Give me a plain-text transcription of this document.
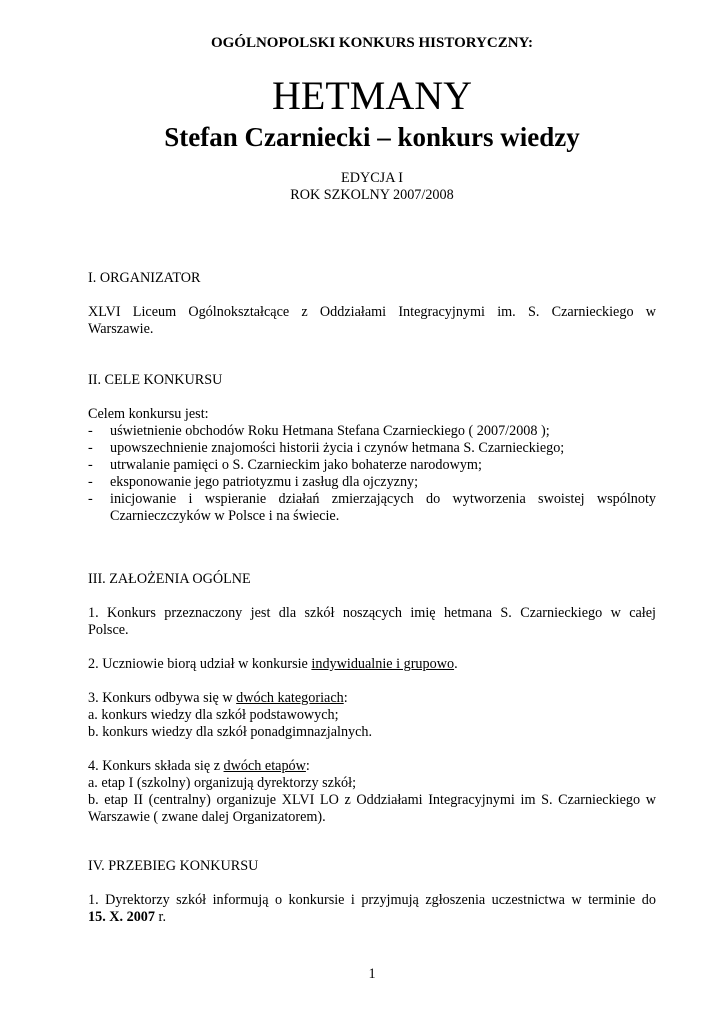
OGÓLNOPOLSKI KONKURS HISTORYCZNY:
HETMANY
Stefan Czarniecki – konkurs wiedzy
EDYCJA I
ROK SZKOLNY 2007/2008
I. ORGANIZATOR
XLVI Liceum Ogólnokształcące z Oddziałami Integracyjnymi im. S. Czarnieckiego w
Warszawie.
II. CELE KONKURSU
Celem konkursu jest:
- uświetnienie obchodów Roku Hetmana Stefana Czarnieckiego ( 2007/2008 );
- upowszechnienie znajomości historii życia i czynów hetmana S. Czarnieckiego;
- utrwalanie pamięci o S. Czarnieckim jako bohaterze narodowym;
- eksponowanie jego patriotyzmu i zasług dla ojczyzny;
- inicjowanie i wspieranie działań zmierzających do wytworzenia swoistej wspólnoty
Czarnieczczyków w Polsce i na świecie.
III. ZAŁOŻENIA OGÓLNE
1. Konkurs przeznaczony jest dla szkół noszących imię hetmana S. Czarnieckiego w całej
Polsce.
2. Uczniowie biorą udział w konkursie indywidualnie i grupowo.
3. Konkurs odbywa się w dwóch kategoriach:
a. konkurs wiedzy dla szkół podstawowych;
b. konkurs wiedzy dla szkół ponadgimnazjalnych.
4. Konkurs składa się z dwóch etapów:
a. etap I (szkolny) organizują dyrektorzy szkół;
b. etap II (centralny) organizuje XLVI LO z Oddziałami Integracyjnymi im S. Czarnieckiego w
Warszawie ( zwane dalej Organizatorem).
IV. PRZEBIEG KONKURSU
1. Dyrektorzy szkół informują o konkursie i przyjmują zgłoszenia uczestnictwa w terminie do
15. X. 2007 r.
1
